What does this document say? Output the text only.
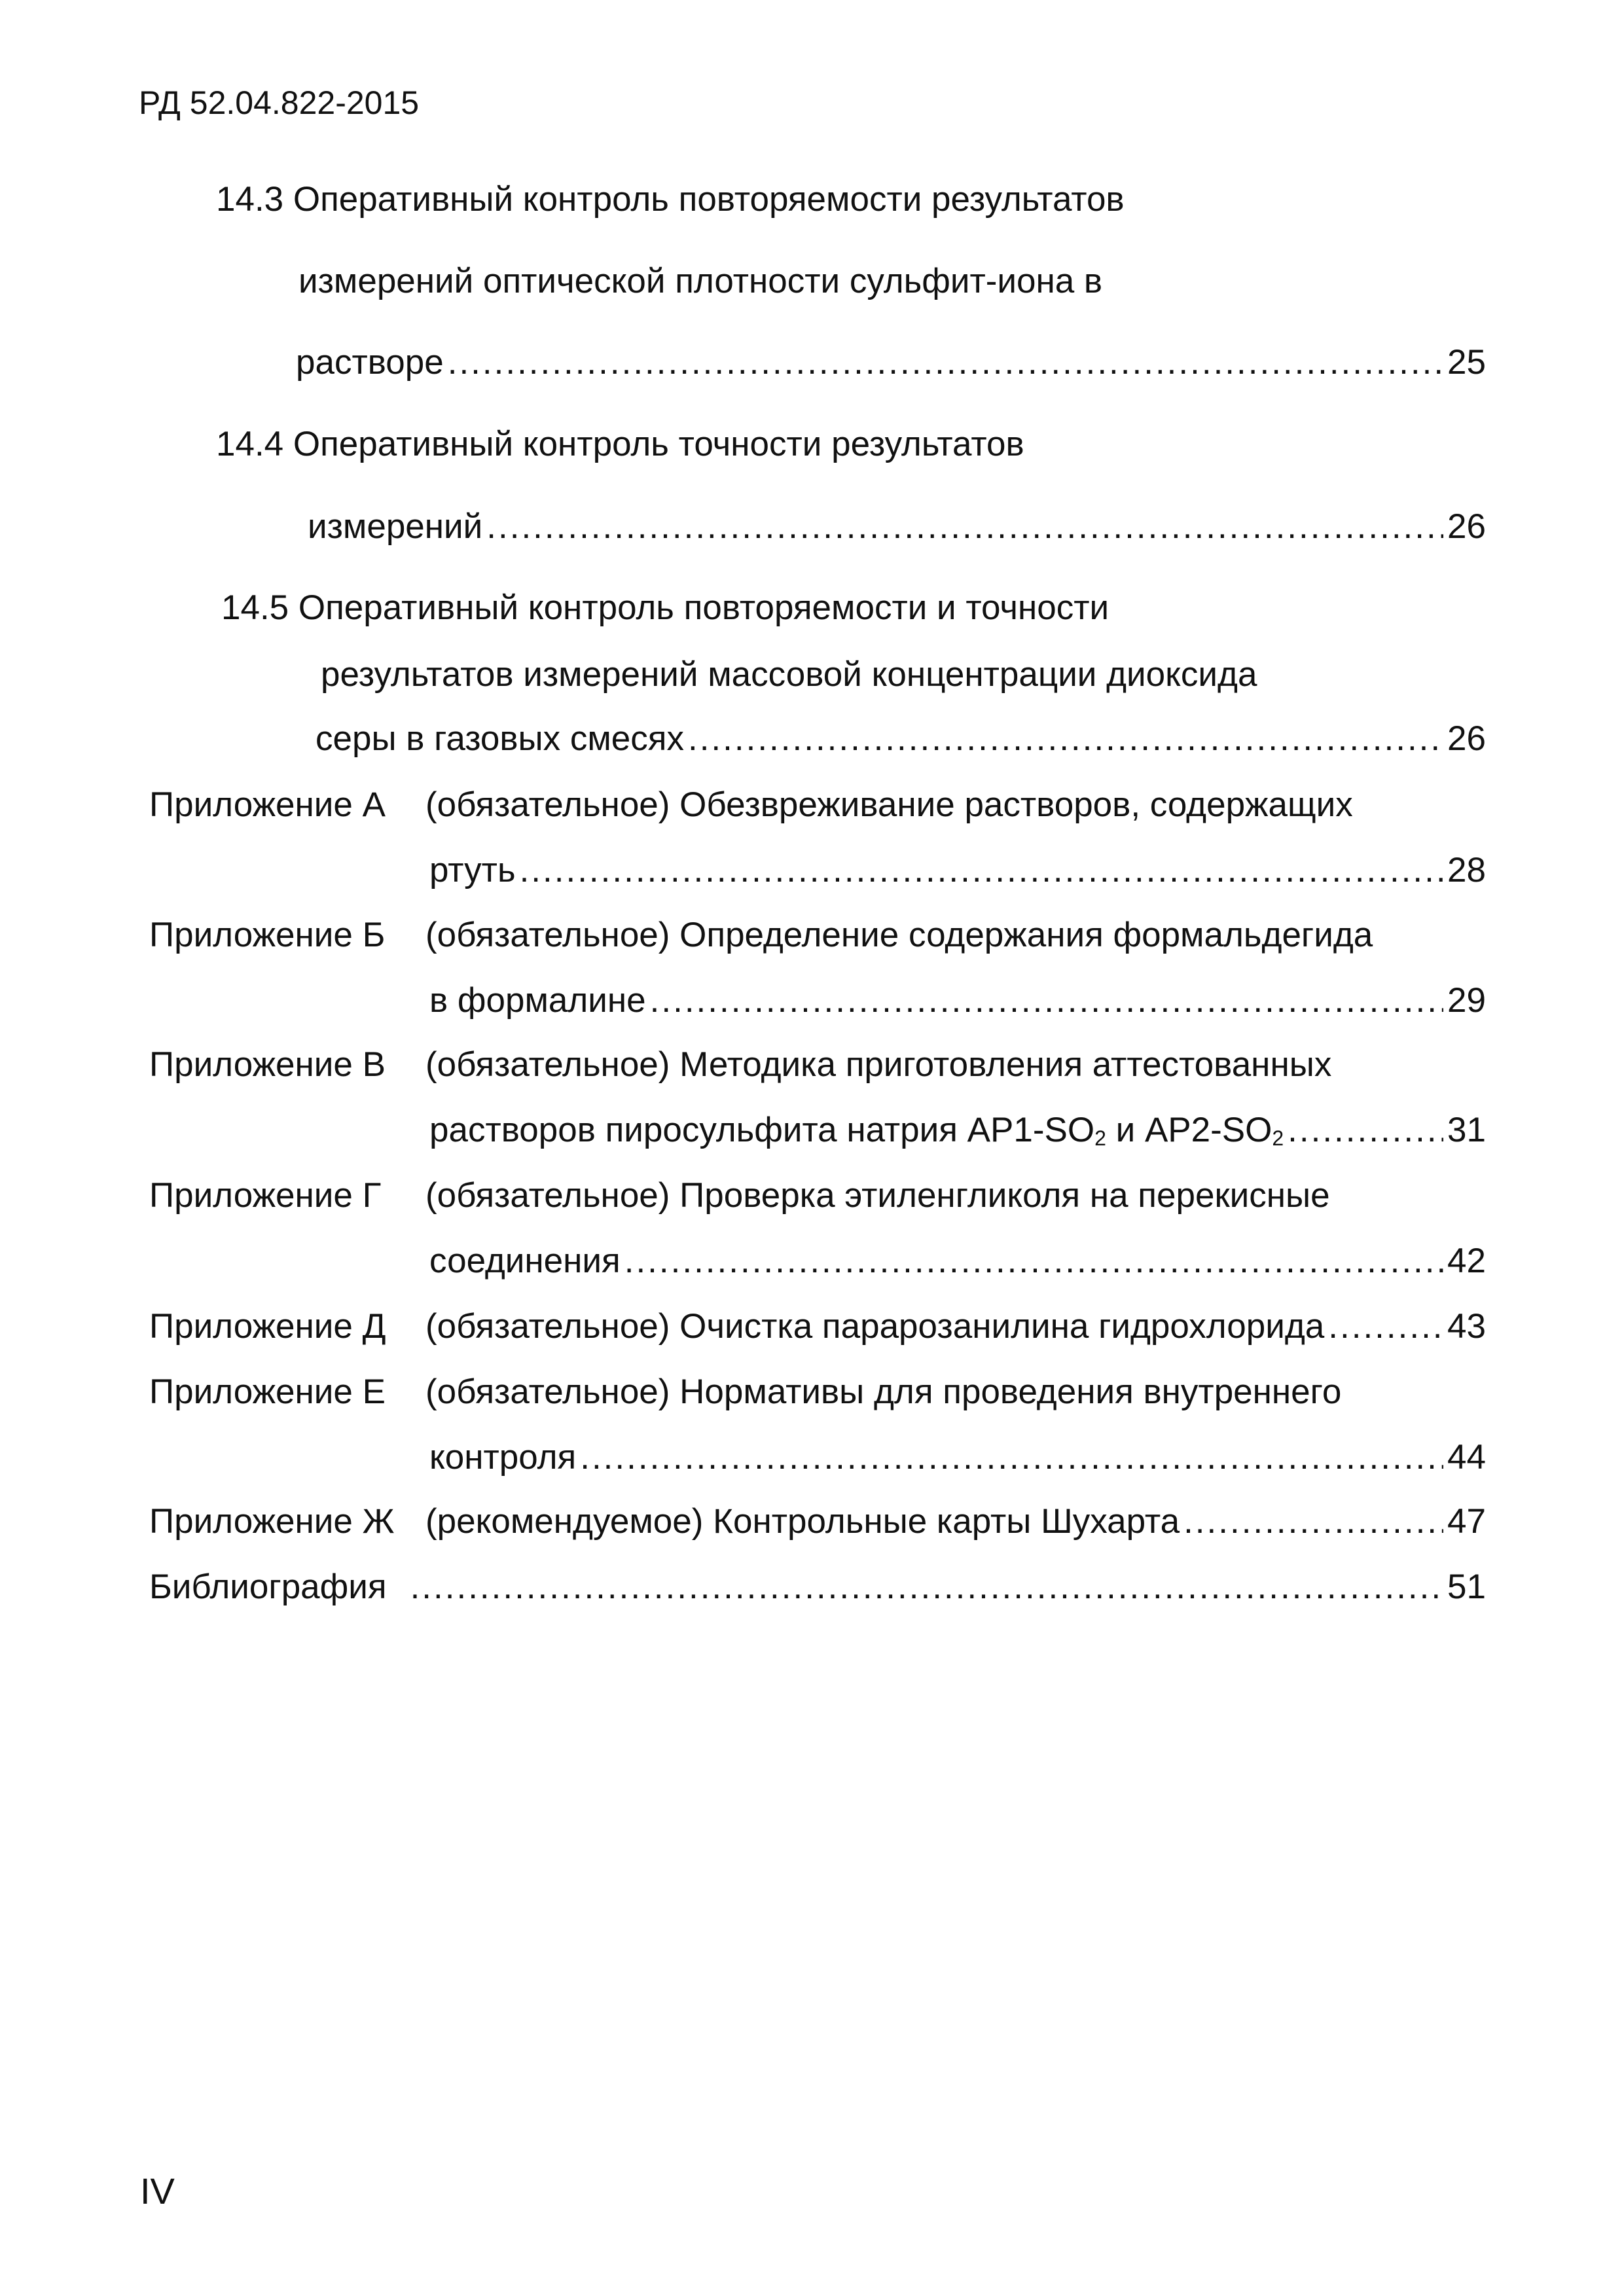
РД 52.04.822-2015
14.3 Оперативный контроль повторяемости результатов
измерений оптической плотности сульфит-иона в
растворе .....	25
14.4 Оперативный контроль точности результатов
измерений .....	26
14.5 Оперативный контроль повторяемости и точности
результатов измерений массовой концентрации диоксида
серы в газовых смесях .....	26
Приложение А (обязательное) Обезвреживание растворов, содержащих
ртуть .....	28
Приложение Б (обязательное) Определение содержания формальдегида
в формалине .....	29
Приложение В (обязательное) Методика приготовления аттестованных
растворов пиросульфита натрия АР1-SO2 и АР2-SO2 .....	31
Приложение Г (обязательное) Проверка этиленгликоля на перекисные
соединения .....	42
Приложение Д (обязательное) Очистка парарозанилина гидрохлорида .....	43
Приложение Е (обязательное) Нормативы для проведения внутреннего
контроля .....	44
Приложение Ж (рекомендуемое) Контрольные карты Шухарта .....	47
Библиография .....	51
IV
